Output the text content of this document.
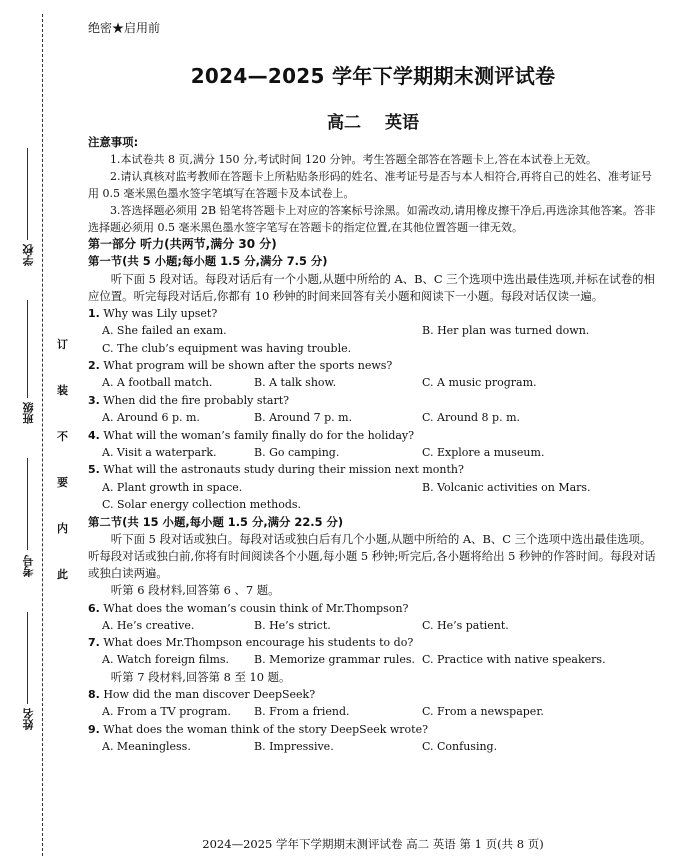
学校
班级
考号
姓名
订
装
不
要
内
此
绝密★启用前
2024—2025 学年下学期期末测评试卷
高二 英语

注意事项:

1.本试卷共 8 页,满分 150 分,考试时间 120 分钟。考生答题全部答在答题卡上,答在本试卷上无效。

2.请认真核对监考教师在答题卡上所粘贴条形码的姓名、准考证号是否与本人相符合,再将自己的姓名、准考证号用 0.5 毫米黑色墨水签字笔填写在答题卡及本试卷上。

3.答选择题必须用 2B 铅笔将答题卡上对应的答案标号涂黑。如需改动,请用橡皮擦干净后,再选涂其他答案。答非选择题必须用 0.5 毫米黑色墨水签字笔写在答题卡的指定位置,在其他位置答题一律无效。

第一部分 听力(共两节,满分 30 分)

第一节(共 5 小题;每小题 1.5 分,满分 7.5 分)

听下面 5 段对话。每段对话后有一个小题,从题中所给的 A、B、C 三个选项中选出最佳选项,并标在试卷的相应位置。听完每段对话后,你都有 10 秒钟的时间来回答有关小题和阅读下一小题。每段对话仅读一遍。

1. Why was Lily upset?

A. She failed an exam.	B. Her plan was turned down.
C. The club’s equipment was having trouble.

2. What program will be shown after the sports news?

A. A football match.	B. A talk show.	C. A music program.

3. When did the fire probably start?

A. Around 6 p. m.	B. Around 7 p. m.	C. Around 8 p. m.

4. What will the woman’s family finally do for the holiday?

A. Visit a waterpark.	B. Go camping.	C. Explore a museum.

5. What will the astronauts study during their mission next month?

A. Plant growth in space.	B. Volcanic activities on Mars.
C. Solar energy collection methods.

第二节(共 15 小题,每小题 1.5 分,满分 22.5 分)

听下面 5 段对话或独白。每段对话或独白后有几个小题,从题中所给的 A、B、C 三个选项中选出最佳选项。听每段对话或独白前,你将有时间阅读各个小题,每小题 5 秒钟;听完后,各小题将给出 5 秒钟的作答时间。每段对话或独白读两遍。

听第 6 段材料,回答第 6 、7 题。

6. What does the woman’s cousin think of Mr.Thompson?

A. He’s creative.	B. He’s strict.	C. He’s patient.

7. What does Mr.Thompson encourage his students to do?

A. Watch foreign films. B. Memorize grammar rules. C. Practice with native speakers.

听第 7 段材料,回答第 8 至 10 题。

8. How did the man discover DeepSeek?

A. From a TV program. B. From a friend.	C. From a newspaper.

9. What does the woman think of the story DeepSeek wrote?

A. Meaningless.	B. Impressive.	C. Confusing.
2024—2025 学年下学期期末测评试卷 高二 英语 第 1 页(共 8 页)
